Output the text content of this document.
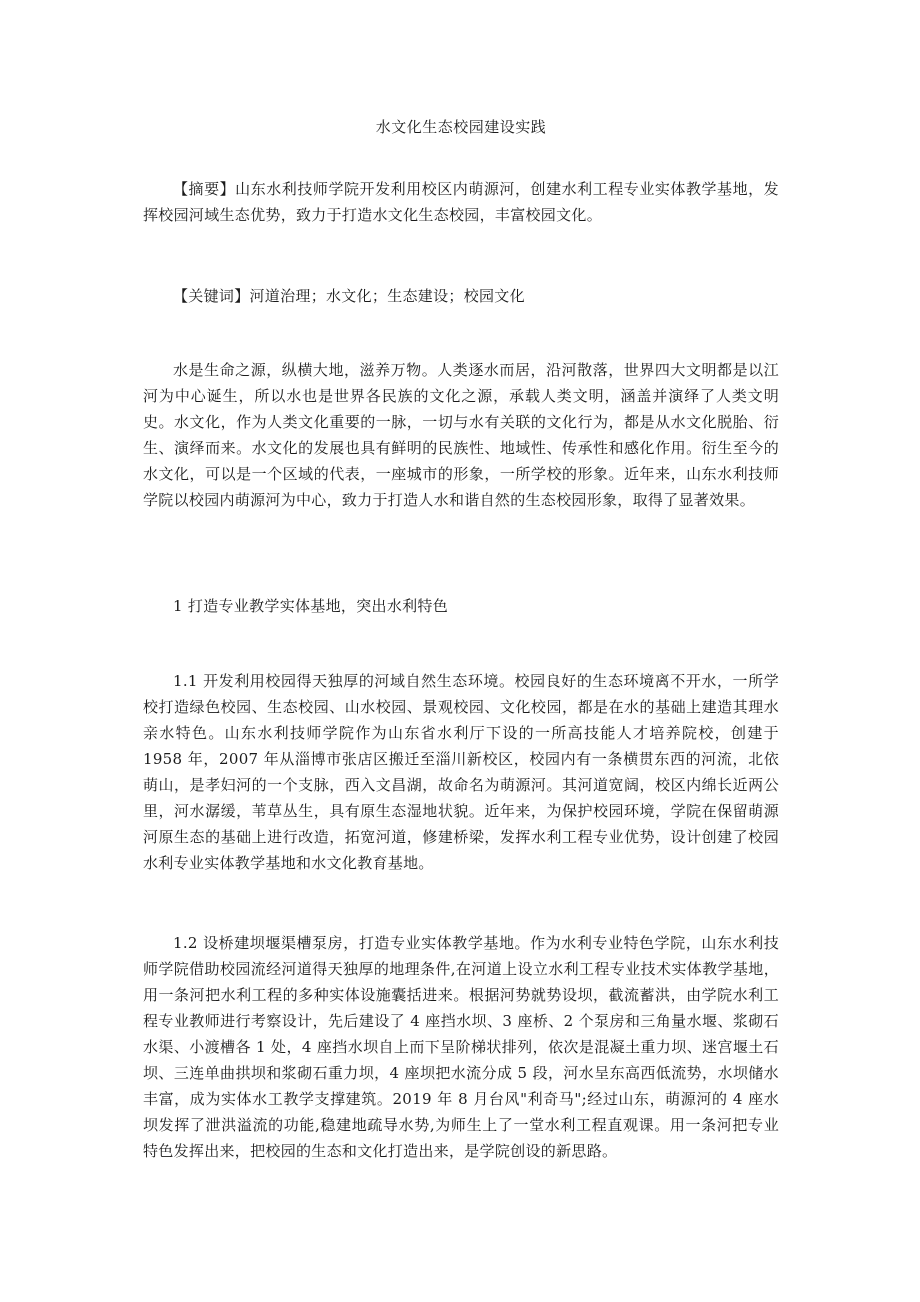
水文化生态校园建设实践

【摘要】山东水利技师学院开发利用校区内萌源河，创建水利工程专业实体教学基地，发挥校园河域生态优势，致力于打造水文化生态校园，丰富校园文化。

【关键词】河道治理；水文化；生态建设；校园文化

水是生命之源，纵横大地，滋养万物。人类逐水而居，沿河散落，世界四大文明都是以江河为中心诞生，所以水也是世界各民族的文化之源，承载人类文明，涵盖并演绎了人类文明史。水文化，作为人类文化重要的一脉，一切与水有关联的文化行为，都是从水文化脱胎、衍生、演绎而来。水文化的发展也具有鲜明的民族性、地域性、传承性和感化作用。衍生至今的水文化，可以是一个区域的代表，一座城市的形象，一所学校的形象。近年来，山东水利技师学院以校园内萌源河为中心，致力于打造人水和谐自然的生态校园形象，取得了显著效果。

1 打造专业教学实体基地，突出水利特色

1.1 开发利用校园得天独厚的河域自然生态环境。校园良好的生态环境离不开水，一所学校打造绿色校园、生态校园、山水校园、景观校园、文化校园，都是在水的基础上建造其理水亲水特色。山东水利技师学院作为山东省水利厅下设的一所高技能人才培养院校，创建于 1958 年，2007 年从淄博市张店区搬迁至淄川新校区，校园内有一条横贯东西的河流，北依萌山，是孝妇河的一个支脉，西入文昌湖，故命名为萌源河。其河道宽阔，校区内绵长近两公里，河水潺缓，苇草丛生，具有原生态湿地状貌。近年来，为保护校园环境，学院在保留萌源河原生态的基础上进行改造，拓宽河道，修建桥梁，发挥水利工程专业优势，设计创建了校园水利专业实体教学基地和水文化教育基地。

1.2 设桥建坝堰渠槽泵房，打造专业实体教学基地。作为水利专业特色学院，山东水利技师学院借助校园流经河道得天独厚的地理条件,在河道上设立水利工程专业技术实体教学基地，用一条河把水利工程的多种实体设施囊括进来。根据河势就势设坝，截流蓄洪，由学院水利工程专业教师进行考察设计，先后建设了 4 座挡水坝、3 座桥、2 个泵房和三角量水堰、浆砌石水渠、小渡槽各 1 处，4 座挡水坝自上而下呈阶梯状排列，依次是混凝土重力坝、迷宫堰土石坝、三连单曲拱坝和浆砌石重力坝，4 座坝把水流分成 5 段，河水呈东高西低流势，水坝储水丰富，成为实体水工教学支撑建筑。2019 年 8 月台风"利奇马";经过山东，萌源河的 4 座水坝发挥了泄洪溢流的功能,稳建地疏导水势,为师生上了一堂水利工程直观课。用一条河把专业特色发挥出来，把校园的生态和文化打造出来，是学院创设的新思路。
